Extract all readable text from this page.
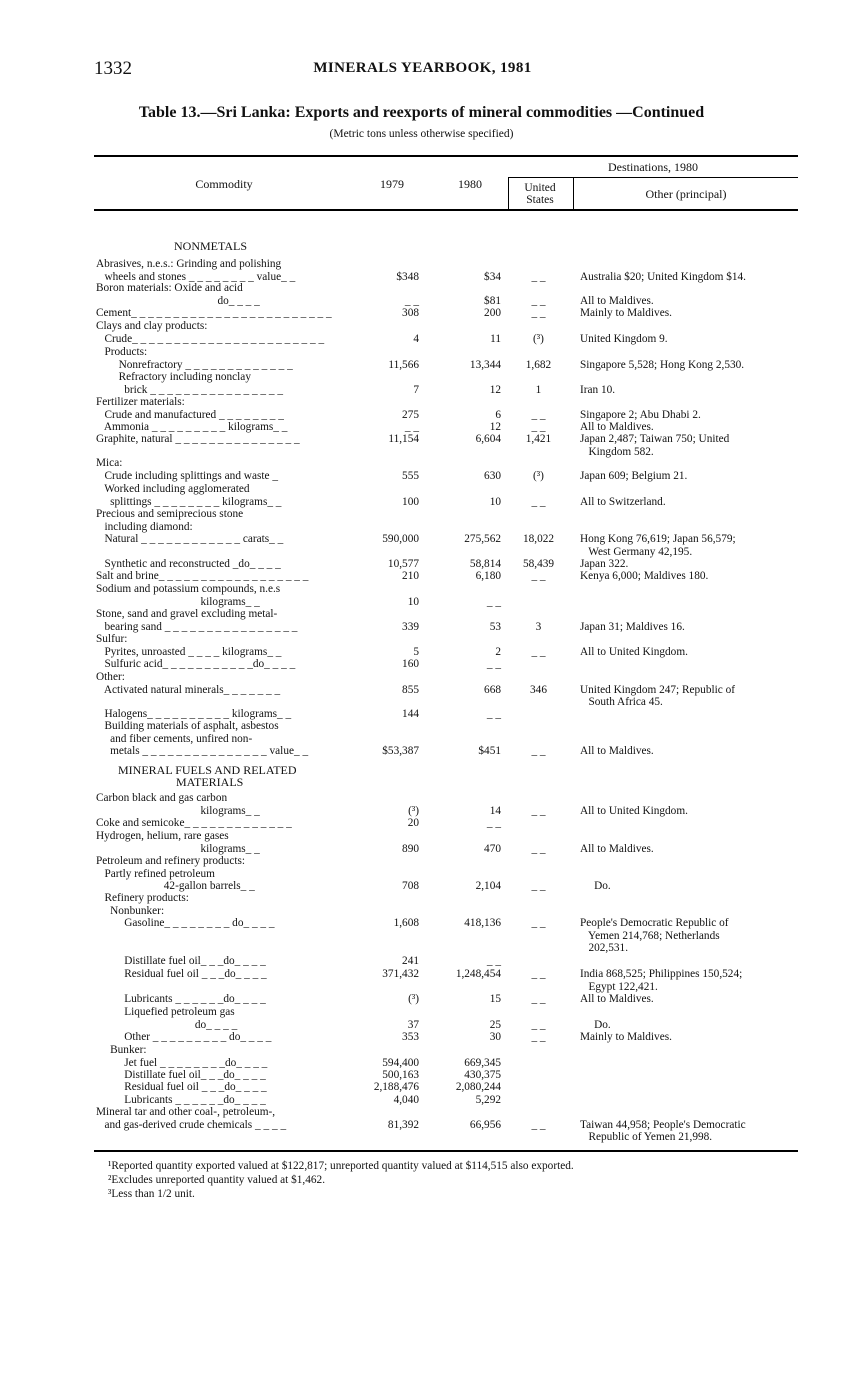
1332	MINERALS YEARBOOK, 1981
Table 13.—Sri Lanka: Exports and reexports of mineral commodities —Continued
(Metric tons unless otherwise specified)
Commodity	1979	1980
Destinations, 1980
United States	Other (principal)
NONMETALS
MINERAL FUELS AND RELATED
MATERIALS
Abrasives, n.e.s.: Grinding and polishing
wheels and stones _ _ _ _ _ _ _ _ value_ _	$348	$34	_ _	Australia $20; United Kingdom $14.
Boron materials: Oxide and acid
do_ _ _ _	_ _	$81	_ _	All to Maldives.
Cement_ _ _ _ _ _ _ _ _ _ _ _ _ _ _ _ _ _ _ _ _ _ _ _	308	200	_ _	Mainly to Maldives.
Clays and clay products:
Crude_ _ _ _ _ _ _ _ _ _ _ _ _ _ _ _ _ _ _ _ _ _ _	4	11	(³)	United Kingdom 9.
Products:
Nonrefractory _ _ _ _ _ _ _ _ _ _ _ _ _	11,566	13,344	1,682	Singapore 5,528; Hong Kong 2,530.
Refractory including nonclay
brick _ _ _ _ _ _ _ _ _ _ _ _ _ _ _ _	7	12	1	Iran 10.
Fertilizer materials:
Crude and manufactured _ _ _ _ _ _ _ _	275	6	_ _	Singapore 2; Abu Dhabi 2.
Ammonia _ _ _ _ _ _ _ _ _ kilograms_ _	_ _	12	_ _	All to Maldives.
Graphite, natural _ _ _ _ _ _ _ _ _ _ _ _ _ _ _	11,154	6,604	1,421	Japan 2,487; Taiwan 750; United
Kingdom 582.
Mica:
Crude including splittings and waste _	555	630	(³)	Japan 609; Belgium 21.
Worked including agglomerated
splittings _ _ _ _ _ _ _ _ kilograms_ _	100	10	_ _	All to Switzerland.
Precious and semiprecious stone
including diamond:
Natural _ _ _ _ _ _ _ _ _ _ _ _ carats_ _	590,000	275,562	18,022	Hong Kong 76,619; Japan 56,579;
West Germany 42,195.
Synthetic and reconstructed _do_ _ _ _	10,577	58,814	58,439	Japan 322.
Salt and brine_ _ _ _ _ _ _ _ _ _ _ _ _ _ _ _ _ _	210	6,180	_ _	Kenya 6,000; Maldives 180.
Sodium and potassium compounds, n.e.s
kilograms_ _	10	_ _
Stone, sand and gravel excluding metal-
bearing sand _ _ _ _ _ _ _ _ _ _ _ _ _ _ _ _	339	53	3	Japan 31; Maldives 16.
Sulfur:
Pyrites, unroasted _ _ _ _ kilograms_ _	5	2	_ _	All to United Kingdom.
Sulfuric acid_ _ _ _ _ _ _ _ _ _ _do_ _ _ _	160	_ _
Other:
Activated natural minerals_ _ _ _ _ _ _	855	668	346	United Kingdom 247; Republic of
South Africa 45.
Halogens_ _ _ _ _ _ _ _ _ _ kilograms_ _	144	_ _
Building materials of asphalt, asbestos
and fiber cements, unfired non-
metals _ _ _ _ _ _ _ _ _ _ _ _ _ _ _ value_ _	$53,387	$451	_ _	All to Maldives.
Carbon black and gas carbon
kilograms_ _	(³)	14	_ _	All to United Kingdom.
Coke and semicoke_ _ _ _ _ _ _ _ _ _ _ _ _	20	_ _
Hydrogen, helium, rare gases
kilograms_ _	890	470	_ _	All to Maldives.
Petroleum and refinery products:
Partly refined petroleum
42-gallon barrels_ _	708	2,104	_ _	Do.
Refinery products:
Nonbunker:
Gasoline_ _ _ _ _ _ _ _ do_ _ _ _	1,608	418,136	_ _	People's Democratic Republic of
Yemen 214,768; Netherlands
202,531.
Distillate fuel oil_ _ _do_ _ _ _	241	_ _
Residual fuel oil _ _ _do_ _ _ _	371,432	1,248,454	_ _	India 868,525; Philippines 150,524;
Egypt 122,421.
Lubricants _ _ _ _ _ _do_ _ _ _	(³)	15	_ _	All to Maldives.
Liquefied petroleum gas
do_ _ _ _	37	25	_ _	Do.
Other _ _ _ _ _ _ _ _ _ do_ _ _ _	353	30	_ _	Mainly to Maldives.
Bunker:
Jet fuel _ _ _ _ _ _ _ _do_ _ _ _	594,400	669,345
Distillate fuel oil_ _ _do_ _ _ _	500,163	430,375
Residual fuel oil _ _ _do_ _ _ _	2,188,476	2,080,244
Lubricants _ _ _ _ _ _do_ _ _ _	4,040	5,292
Mineral tar and other coal-, petroleum-,
and gas-derived crude chemicals _ _ _ _	81,392	66,956	_ _	Taiwan 44,958; People's Democratic
Republic of Yemen 21,998.
¹Reported quantity exported valued at $122,817; unreported quantity valued at $114,515 also exported.
²Excludes unreported quantity valued at $1,462.
³Less than 1/2 unit.
